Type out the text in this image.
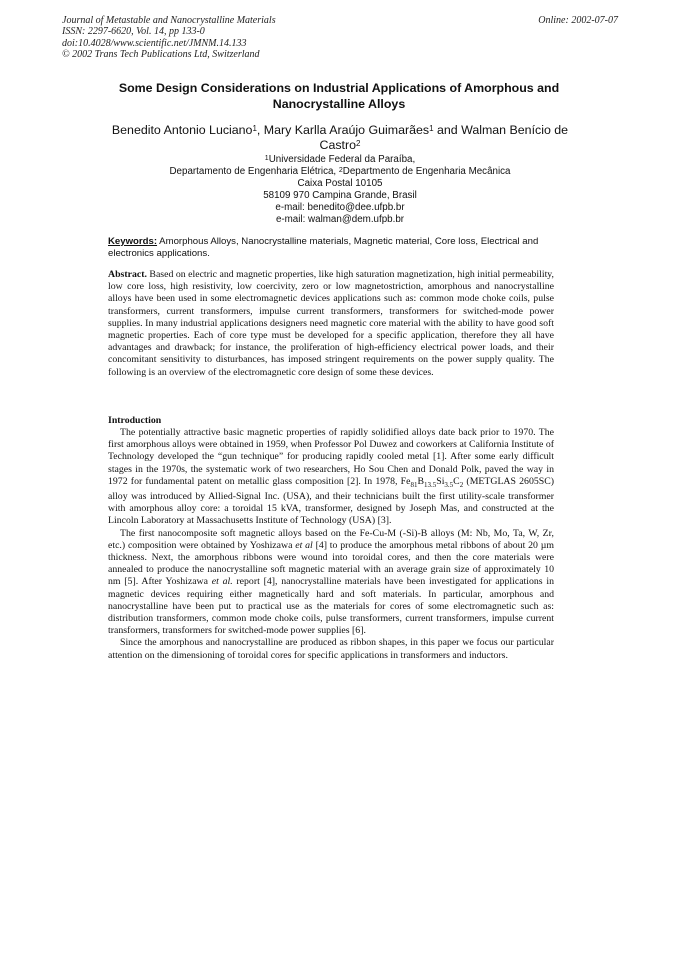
Journal of Metastable and Nanocrystalline Materials
ISSN: 2297-6620, Vol. 14, pp 133-0
doi:10.4028/www.scientific.net/JMNM.14.133
© 2002 Trans Tech Publications Ltd, Switzerland
Online: 2002-07-07
Some Design Considerations on Industrial Applications of Amorphous and Nanocrystalline Alloys
Benedito Antonio Luciano$^1$, Mary Karlla Araújo Guimarães$^1$ and Walman Benício de Castro$^2$
$^1$Universidade Federal da Paraíba,
Departamento de Engenharia Elétrica, $^2$Departmento de Engenharia Mecânica
Caixa Postal 10105
58109 970 Campina Grande, Brasil
e-mail: benedito@dee.ufpb.br
e-mail: walman@dem.ufpb.br
Keywords: Amorphous Alloys, Nanocrystalline materials, Magnetic material, Core loss, Electrical and electronics applications.
Abstract. Based on electric and magnetic properties, like high saturation magnetization, high initial permeability, low core loss, high resistivity, low coercivity, zero or low magnetostriction, amorphous and nanocrystalline alloys have been used in some electromagnetic devices applications such as: common mode choke coils, pulse transformers, current transformers, impulse current transformers, transformers for switched-mode power supplies. In many industrial applications designers need magnetic core material with the ability to have good soft magnetic properties. Each of core type must be developed for a specific application, therefore they all have advantages and drawback; for instance, the proliferation of high-efficiency electrical power loads, and their concomitant sensitivity to disturbances, has imposed stringent requirements on the power supply quality. The following is an overview of the electromagnetic core design of some these devices.
Introduction

The potentially attractive basic magnetic properties of rapidly solidified alloys date back prior to 1970. The first amorphous alloys were obtained in 1959, when Professor Pol Duwez and coworkers at California Institute of Technology developed the “gun technique” for producing rapidly cooled metal [1]. After some early difficult stages in the 1970s, the systematic work of two researchers, Ho Sou Chen and Donald Polk, paved the way in 1972 for fundamental patent on metallic glass composition [2]. In 1978, $Fe_{81}B_{13.5}Si_{3.5}C_2$ (METGLAS 2605SC) alloy was introduced by Allied-Signal Inc. (USA), and their technicians built the first utility-scale transformer with amorphous alloy core: a toroidal 15 kVA, transformer, designed by Joseph Mas, and constructed at the Lincoln Laboratory at Massachusetts Institute of Technology (USA) [3].

The first nanocomposite soft magnetic alloys based on the Fe-Cu-M (-Si)-B alloys (M: Nb, Mo, Ta, W, Zr, etc.) composition were obtained by Yoshizawa et al [4] to produce the amorphous metal ribbons of about 20 µm thickness. Next, the amorphous ribbons were wound into toroidal cores, and then the core materials were annealed to produce the nanocrystalline soft magnetic material with an average grain size of approximately 10 nm [5]. After Yoshizawa et al. report [4], nanocrystalline materials have been investigated for applications in magnetic devices requiring either magnetically hard and soft materials. In particular, amorphous and nanocrystalline have been put to practical use as the materials for cores of some electromagnetic such as: distribution transformers, common mode choke coils, pulse transformers, current transformers, impulse current transformers, transformers for switched-mode power supplies [6].

Since the amorphous and nanocrystalline are produced as ribbon shapes, in this paper we focus our particular attention on the dimensioning of toroidal cores for specific applications in transformers and inductors.
